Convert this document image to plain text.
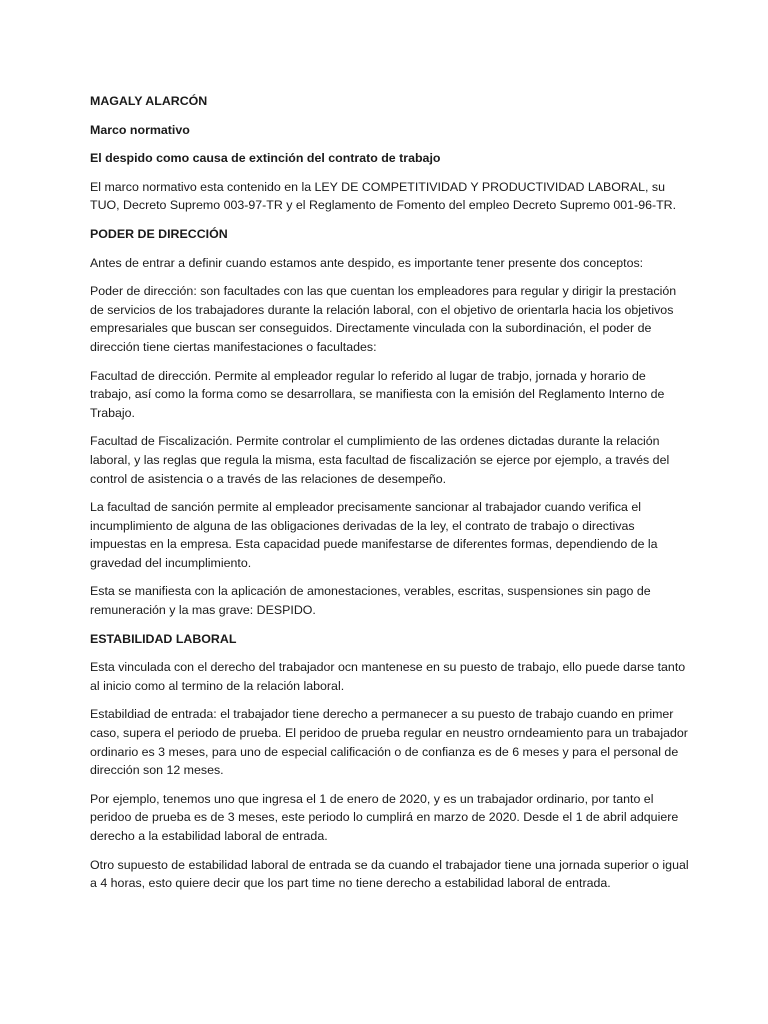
MAGALY ALARCÓN

Marco normativo

El despido como causa de extinción del contrato de trabajo

El marco normativo esta contenido en la LEY DE COMPETITIVIDAD Y PRODUCTIVIDAD LABORAL, su TUO, Decreto Supremo 003-97-TR y el Reglamento de Fomento del empleo Decreto Supremo 001-96-TR.

PODER DE DIRECCIÓN

Antes de entrar a definir cuando estamos ante despido, es importante tener presente dos conceptos:

Poder de dirección: son facultades con las que cuentan los empleadores para regular y dirigir la prestación de servicios de los trabajadores durante la relación laboral, con el objetivo de orientarla hacia los objetivos empresariales que buscan ser conseguidos. Directamente vinculada con la subordinación, el poder de dirección tiene ciertas manifestaciones o facultades:

Facultad de dirección. Permite al empleador regular lo referido al lugar de trabjo, jornada y horario de trabajo, así como la forma como se desarrollara, se manifiesta con la emisión del Reglamento Interno de Trabajo.

Facultad de Fiscalización. Permite controlar el cumplimiento de las ordenes dictadas durante la relación laboral, y las reglas que regula la misma, esta facultad de fiscalización se ejerce por ejemplo, a través del control de asistencia o a través de las relaciones de desempeño.

La facultad de sanción permite al empleador precisamente sancionar al trabajador cuando verifica el incumplimiento de alguna de las obligaciones derivadas de la ley, el contrato de trabajo o directivas impuestas en la empresa. Esta capacidad puede manifestarse de diferentes formas, dependiendo de la gravedad del incumplimiento.

Esta se manifiesta con la aplicación de amonestaciones, verables, escritas, suspensiones sin pago de remuneración y la mas grave: DESPIDO.

ESTABILIDAD LABORAL

Esta vinculada con el derecho del trabajador ocn mantenese en su puesto de trabajo, ello puede darse tanto al inicio como al termino de la relación laboral.

Estabildiad de entrada: el trabajador tiene derecho a permanecer a su puesto de trabajo cuando en primer caso, supera el periodo de prueba. El peridoo de prueba regular en neustro orndeamiento para un trabajador ordinario es 3 meses, para uno de especial calificación o de confianza es de 6 meses y para el personal de dirección son 12 meses.

Por ejemplo, tenemos uno que ingresa el 1 de enero de 2020, y es un trabajador ordinario, por tanto el peridoo de prueba es de 3 meses, este periodo lo cumplirá en marzo de 2020. Desde el 1 de abril adquiere derecho a la estabilidad laboral de entrada.

Otro supuesto de estabilidad laboral de entrada se da cuando el trabajador tiene una jornada superior o igual a 4 horas, esto quiere decir que los part time no tiene derecho a estabilidad laboral de entrada.
